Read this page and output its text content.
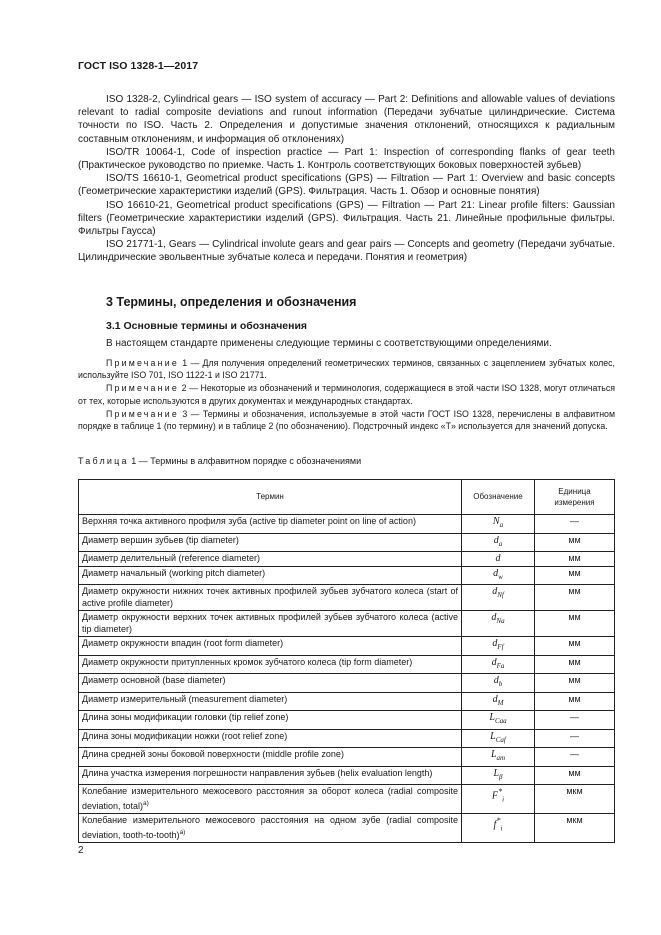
ГОСТ ISO 1328-1—2017

ISO 1328-2, Cylindrical gears — ISO system of accuracy — Part 2: Definitions and allowable values of deviations relevant to radial composite deviations and runout information (Передачи зубчатые цилиндрические. Система точности по ISO. Часть 2. Определения и допустимые значения отклонений, относящихся к радиальным составным отклонениям, и информация об отклонениях)

ISO/TR 10064-1, Code of inspection practice — Part 1: Inspection of corresponding flanks of gear teeth (Практическое руководство по приемке. Часть 1. Контроль соответствующих боковых поверхностей зубьев)

ISO/TS 16610-1, Geometrical product specifications (GPS) — Filtration — Part 1: Overview and basic concepts (Геометрические характеристики изделий (GPS). Фильтрация. Часть 1. Обзор и основные понятия)

ISO 16610-21, Geometrical product specifications (GPS) — Filtration — Part 21: Linear profile filters: Gaussian filters (Геометрические характеристики изделий (GPS). Фильтрация. Часть 21. Линейные профильные фильтры. Фильтры Гаусса)

ISO 21771-1, Gears — Cylindrical involute gears and gear pairs — Concepts and geometry (Передачи зубчатые. Цилиндрические эвольвентные зубчатые колеса и передачи. Понятия и геометрия)

3 Термины, определения и обозначения
3.1 Основные термины и обозначения
В настоящем стандарте применены следующие термины с соответствующими определениями.

Примечание 1 — Для получения определений геометрических терминов, связанных с зацеплением зубчатых колес, используйте ISO 701, ISO 1122-1 и ISO 21771.

Примечание 2 — Некоторые из обозначений и терминология, содержащиеся в этой части ISO 1328, могут отличаться от тех, которые используются в других документах и международных стандартах.

Примечание 3 — Термины и обозначения, используемые в этой части ГОСТ ISO 1328, перечислены в алфавитном порядке в таблице 1 (по термину) и в таблице 2 (по обозначению). Подстрочный индекс «T» используется для значений допуска.

Таблица 1 — Термины в алфавитном порядке с обозначениями
Термин	Обозначение	Единица измерения
Верхняя точка активного профиля зуба (active tip diameter point on line of action)	$N_a$	—
Диаметр вершин зубьев (tip diameter)	$d_a$	мм
Диаметр делительный (reference diameter)	d	мм
Диаметр начальный (working pitch diameter)	$d_w$	мм
Диаметр окружности нижних точек активных профилей зубьев зубчатого колеса (start of active profile diameter)	$d_{Nf}$	мм
Диаметр окружности верхних точек активных профилей зубьев зубчатого колеса (active tip diameter)	$d_{Na}$	мм
Диаметр окружности впадин (root form diameter)	$d_{Ff}$	мм
Диаметр окружности притупленных кромок зубчатого колеса (tip form diameter)	$d_{Fa}$	мм
Диаметр основной (base diameter)	$d_b$	мм
Диаметр измерительный (measurement diameter)	$d_M$	мм
Длина зоны модификации головки (tip relief zone)	$L_{Caa}$	—
Длина зоны модификации ножки (root relief zone)	$L_{Caf}$	—
Длина средней зоны боковой поверхности (middle profile zone)	$L_{am}$	—
Длина участка измерения погрешности направления зубьев (helix evaluation length)	$L_\beta$	мм
Колебание измерительного межосевого расстояния за оборот колеса (radial composite deviation, total)$^{a)}$	$F^*_i$	мкм
Колебание измерительного межосевого расстояния на одном зубе (radial composite deviation, tooth-to-tooth)$^{a)}$	$f^*_i$	мкм
2
